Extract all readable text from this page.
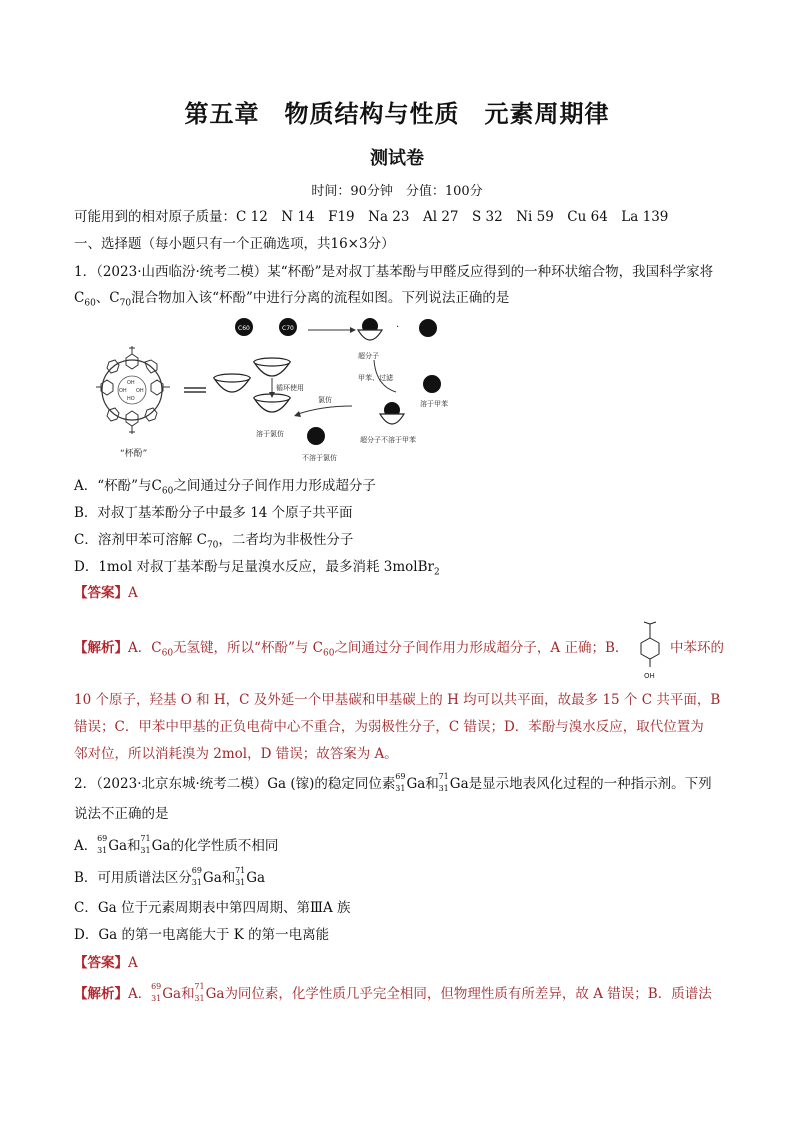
第五章　物质结构与性质　元素周期律
测试卷
时间：90分钟　分值：100分
可能用到的相对原子质量：C 12　N 14　F19　Na 23　Al 27　S 32　Ni 59　Cu 64　La 139
一、选择题（每小题只有一个正确选项，共16×3分）
1．（2023·山西临汾·统考二模）某“杯酚”是对叔丁基苯酚与甲醛反应得到的一种环状缩合物，我国科学家将
$C_{60}$、$C_{70}$混合物加入该“杯酚”中进行分离的流程如图。下列说法正确的是
OH
HO
OH OH
“杯酚”
C60	C70
超分子
·
溶于氯仿
循环使用
甲苯、过滤
溶于甲苯
氯仿
超分子不溶于甲苯
不溶于氯仿
A．“杯酚”与$C_{60}$之间通过分子间作用力形成超分子
B．对叔丁基苯酚分子中最多 14 个原子共平面
C．溶剂甲苯可溶解 $C_{70}$，二者均为非极性分子
D．1mol 对叔丁基苯酚与足量溴水反应，最多消耗 3molBr$_2$
【答案】A
【解析】A．$C_{60}$无氢键，所以“杯酚”与 $C_{60}$之间通过分子间作用力形成超分子，A 正确；B．
OH
中苯环的
10 个原子，羟基 O 和 H，C 及外延一个甲基碳和甲基碳上的 H 均可以共平面，故最多 15 个 C 共平面，B
错误；C．甲苯中甲基的正负电荷中心不重合，为弱极性分子，C 错误；D．苯酚与溴水反应，取代位置为
邻对位，所以消耗溴为 2mol，D 错误；故答案为 A。
2．（2023·北京东城·统考二模）Ga (镓)的稳定同位素 69
31 Ga和 71
31 Ga是显示地表风化过程的一种指示剂。下列
说法不正确的是
A． 69
31 Ga和 71
31 Ga的化学性质不相同
B．可用质谱法区分 69
31 Ga和 71
31 Ga
C．Ga 位于元素周期表中第四周期、第ⅢA 族
D．Ga 的第一电离能大于 K 的第一电离能
【答案】A
【解析】A． 69
31 Ga和 71
31 Ga为同位素，化学性质几乎完全相同，但物理性质有所差异，故 A 错误；B．质谱法
